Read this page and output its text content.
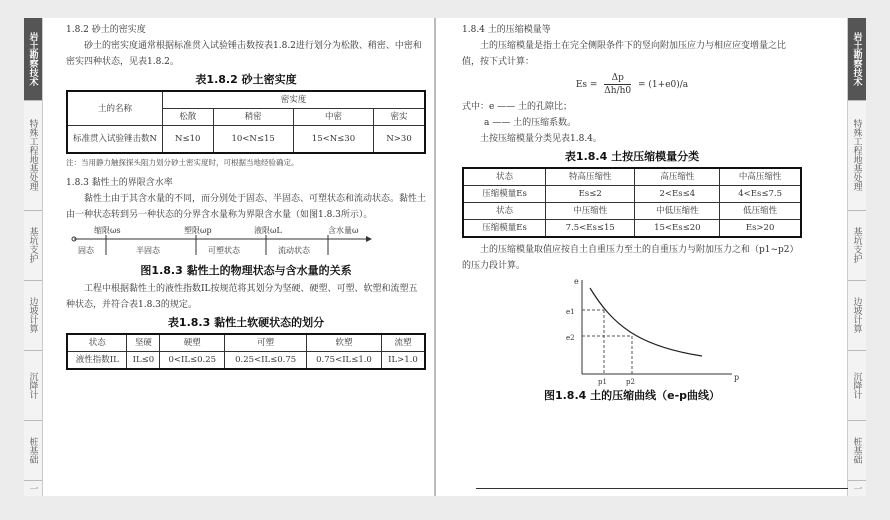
岩土勘察技术
特殊工程地基处理
基坑支护
边坡计算
沉降计
桩基础
一
岩土勘察技术
特殊工程地基处理
基坑支护
边坡计算
沉降计
桩基础
一

1.8.2 砂土的密实度

砂土的密实度通常根据标准贯入试验锤击数按表1.8.2进行划分为松散、稍密、中密和密实四种状态，见表1.8.2。

表1.8.2 砂土密实度

土的名称	密实度			
	松散	稍密	中密	密实
标准贯入试验锤击数N	N≤10	10<N≤15	15<N≤30	N>30

注：当用静力触探探头阻力划分砂土密实度时，可根据当地经验确定。

1.8.3 黏性土的界限含水率

黏性土由于其含水量的不同，而分别处于固态、半固态、可塑状态和流动状态。黏性土由一种状态转到另一种状态的分界含水量称为界限含水量（如图1.8.3所示）。

缩限ωs	塑限ωp	液限ωL	含水量ω
固态	半固态	可塑状态	流动状态

图1.8.3 黏性土的物理状态与含水量的关系

工程中根据黏性土的液性指数IL按规范将其划分为坚硬、硬塑、可塑、软塑和流塑五种状态，并符合表1.8.3的规定。

表1.8.3 黏性土软硬状态的划分

状态	坚硬	硬塑	可塑	软塑	流塑
液性指数IL	IL≤0	0<IL≤0.25	0.25<IL≤0.75	0.75<IL≤1.0	IL>1.0

1.8.4 土的压缩模量等

土的压缩模量是指土在完全侧限条件下的竖向附加压应力与相应应变增量之比值，按下式计算：

$Es = \frac{\Delta p}{\Delta h/h0} = (1+e0)/a$

式中：e —— 土的孔隙比；

a —— 土的压缩系数。

土按压缩模量分类见表1.8.4。

表1.8.4 土按压缩模量分类

状态	特高压缩性	高压缩性	中高压缩性
压缩模量Es	Es≤2	2<Es≤4	4<Es≤7.5
状态	中压缩性	中低压缩性	低压缩性
压缩模量Es	7.5<Es≤15	15<Es≤20	Es>20

土的压缩模量取值应按自土自重压力至土的自重压力与附加压力之和（p1~p2）的压力段计算。

e
p
e1
e2
p1	p2

图1.8.4 土的压缩曲线（e-p曲线）
